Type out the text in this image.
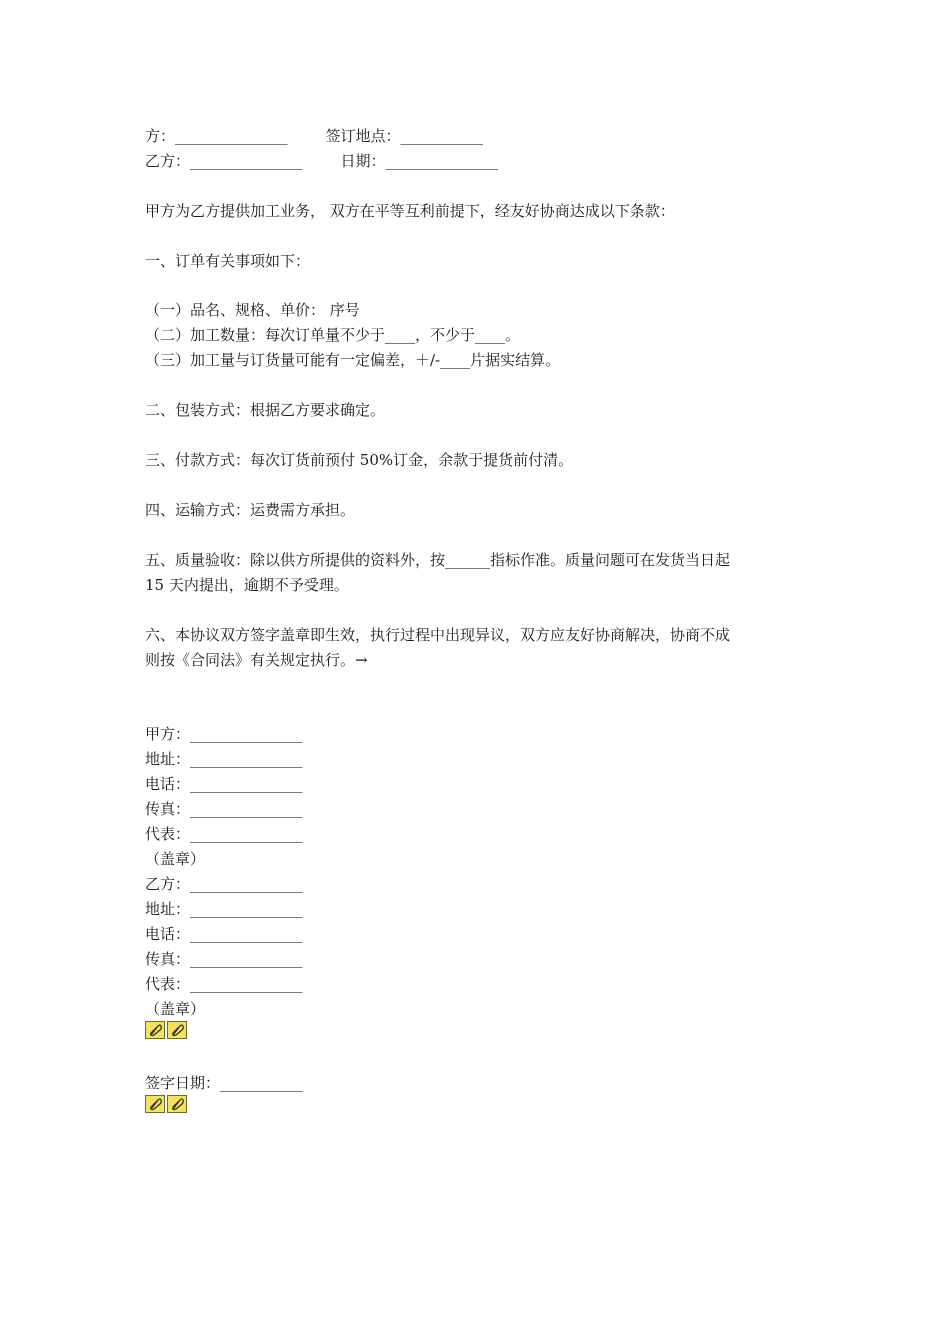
方：_______________	签订地点：___________
乙方：_______________	日期：_______________
甲方为乙方提供加工业务， 双方在平等互利前提下，经友好协商达成以下条款：
一、订单有关事项如下：
（一）品名、规格、单价： 序号
（二）加工数量：每次订单量不少于____，不少于____。
（三）加工量与订货量可能有一定偏差，＋/-____片据实结算。
二、包装方式：根据乙方要求确定。
三、付款方式：每次订货前预付 50%订金，余款于提货前付清。
四、运输方式：运费需方承担。
五、质量验收：除以供方所提供的资料外，按______指标作准。质量问题可在发货当日起
15 天内提出，逾期不予受理。
六、本协议双方签字盖章即生效，执行过程中出现异议，双方应友好协商解决，协商不成
则按《合同法》有关规定执行。→
甲方：_______________
地址：_______________
电话：_______________
传真：_______________
代表：_______________
（盖章）
乙方：_______________
地址：_______________
电话：_______________
传真：_______________
代表：_______________
（盖章）
签字日期：___________
